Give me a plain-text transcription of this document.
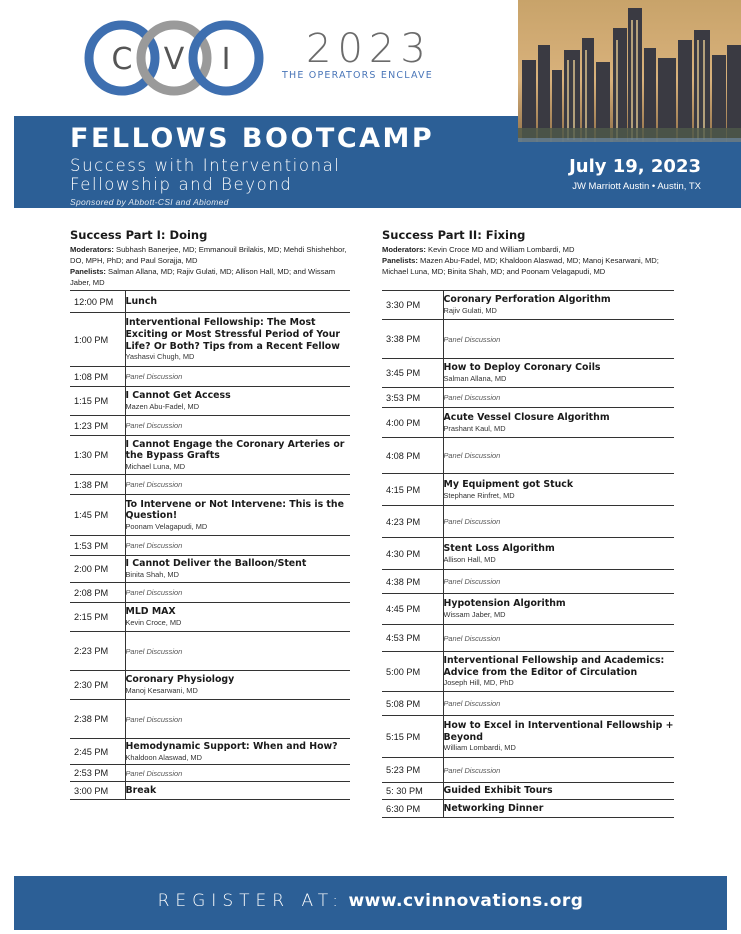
C V I 2023
THE OPERATORS ENCLAVE
FELLOWS BOOTCAMP
Success with Interventional
Fellowship and Beyond
Sponsored by Abbott-CSI and Abiomed
July 19, 2023
JW Marriott Austin • Austin, TX
Success Part I: Doing
Moderators: Subhash Banerjee, MD; Emmanouil Brilakis, MD; Mehdi Shishehbor, DO, MPH, PhD; and Paul Sorajja, MD
Panelists: Salman Allana, MD; Rajiv Gulati, MD; Allison Hall, MD; and Wissam Jaber, MD
12:00 PM	Lunch

1:00 PM	Interventional Fellowship: The Most Exciting or Most Stressful Period of Your Life? Or Both? Tips from a Recent Fellow
Yashasvi Chugh, MD

1:08 PM	Panel Discussion

1:15 PM	I Cannot Get Access
Mazen Abu-Fadel, MD

1:23 PM	Panel Discussion

1:30 PM	I Cannot Engage the Coronary Arteries or the Bypass Grafts
Michael Luna, MD

1:38 PM	Panel Discussion

1:45 PM	To Intervene or Not Intervene: This is the Question!
Poonam Velagapudi, MD

1:53 PM	Panel Discussion

2:00 PM	I Cannot Deliver the Balloon/Stent
Binita Shah, MD

2:08 PM	Panel Discussion

2:15 PM	MLD MAX
Kevin Croce, MD

2:23 PM	Panel Discussion

2:30 PM	Coronary Physiology
Manoj Kesarwani, MD

2:38 PM	Panel Discussion

2:45 PM	Hemodynamic Support: When and How?
Khaldoon Alaswad, MD

2:53 PM	Panel Discussion

3:00 PM	Break
Success Part II: Fixing
Moderators: Kevin Croce MD and William Lombardi, MD
Panelists: Mazen Abu-Fadel, MD; Khaldoon Alaswad, MD; Manoj Kesarwani, MD; Michael Luna, MD; Binita Shah, MD; and Poonam Velagapudi, MD
3:30 PM	Coronary Perforation Algorithm
Rajiv Gulati, MD

3:38 PM	Panel Discussion

3:45 PM	How to Deploy Coronary Coils
Salman Allana, MD

3:53 PM	Panel Discussion

4:00 PM	Acute Vessel Closure Algorithm
Prashant Kaul, MD

4:08 PM	Panel Discussion

4:15 PM	My Equipment got Stuck
Stephane Rinfret, MD

4:23 PM	Panel Discussion

4:30 PM	Stent Loss Algorithm
Allison Hall, MD

4:38 PM	Panel Discussion

4:45 PM	Hypotension Algorithm
Wissam Jaber, MD

4:53 PM	Panel Discussion

5:00 PM	Interventional Fellowship and Academics: Advice from the Editor of Circulation
Joseph Hill, MD, PhD

5:08 PM	Panel Discussion

5:15 PM	How to Excel in Interventional Fellowship + Beyond
William Lombardi, MD

5:23 PM	Panel Discussion

5: 30 PM	Guided Exhibit Tours

6:30 PM	Networking Dinner
REGISTER AT: www.cvinnovations.org
